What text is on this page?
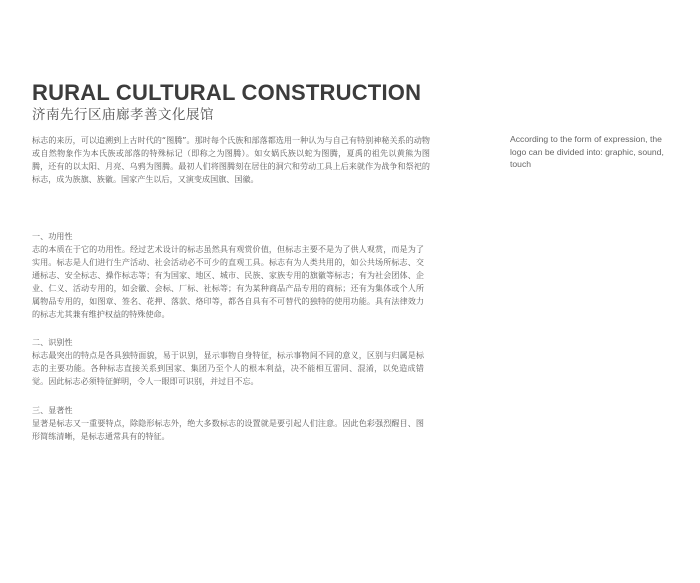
RURAL CULTURAL CONSTRUCTION
济南先行区庙廊孝善文化展馆

标志的来历，可以追溯到上古时代的“图腾”。那时每个氏族和部落都选用一种认为与自己有特别神秘关系的动物或自然物象作为本氏族或部落的特殊标记（即称之为图腾）。如女娲氏族以蛇为图腾，夏禹的祖先以黄熊为图腾，还有的以太阳、月亮、乌鸦为图腾。最初人们将图腾刻在居住的洞穴和劳动工具上后来就作为战争和祭祀的标志，成为族旗、族徽。国家产生以后，又演变成国旗、国徽。

According to the form of expression, the logo can be divided into: graphic, sound, touch

一、功用性

志的本质在于它的功用性。经过艺术设计的标志虽然具有观赏价值，但标志主要不是为了供人观赏，而是为了实用。标志是人们进行生产活动、社会活动必不可少的直观工具。标志有为人类共用的，如公共场所标志、交通标志、安全标志、操作标志等；有为国家、地区、城市、民族、家族专用的旗徽等标志；有为社会团体、企业、仁义、活动专用的，如会徽、会标、厂标、社标等；有为某种商品产品专用的商标；还有为集体或个人所属物品专用的，如图章、签名、花押、落款、烙印等，都各自具有不可替代的独特的使用功能。具有法律效力的标志尤其兼有维护权益的特殊使命。

二、识别性

标志最突出的特点是各具独特面貌，易于识别，显示事物自身特征，标示事物间不同的意义，区别与归属是标志的主要功能。各种标志直接关系到国家、集团乃至个人的根本利益，决不能相互雷同、混淆，以免造成错觉。因此标志必须特征鲜明，令人一眼即可识别，并过目不忘。

三、显著性

显著是标志又一重要特点，除隐形标志外，绝大多数标志的设置就是要引起人们注意。因此色彩强烈醒目、图形简练清晰，是标志通常具有的特征。
